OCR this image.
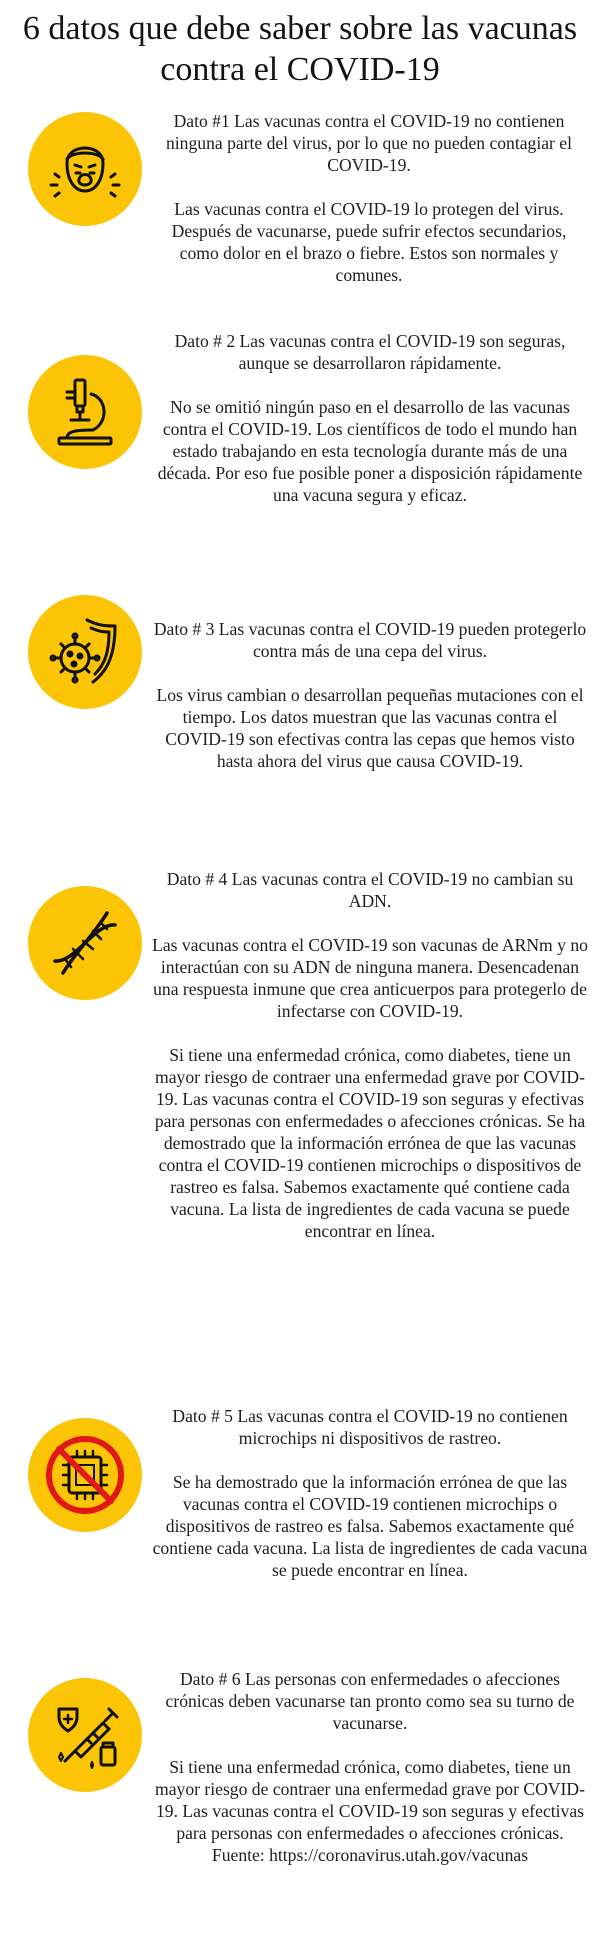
6 datos que debe saber sobre las vacunas contra el COVID-19

Dato #1 Las vacunas contra el COVID-19 no contienen ninguna parte del virus, por lo que no pueden contagiar el COVID-19.

Las vacunas contra el COVID-19 lo protegen del virus. Después de vacunarse, puede sufrir efectos secundarios, como dolor en el brazo o fiebre. Estos son normales y comunes.

Dato # 2 Las vacunas contra el COVID-19 son seguras, aunque se desarrollaron rápidamente.

No se omitió ningún paso en el desarrollo de las vacunas contra el COVID-19. Los científicos de todo el mundo han estado trabajando en esta tecnología durante más de una década. Por eso fue posible poner a disposición rápidamente una vacuna segura y eficaz.

Dato # 3 Las vacunas contra el COVID-19 pueden protegerlo contra más de una cepa del virus.

Los virus cambian o desarrollan pequeñas mutaciones con el tiempo. Los datos muestran que las vacunas contra el COVID-19 son efectivas contra las cepas que hemos visto hasta ahora del virus que causa COVID-19.

Dato # 4 Las vacunas contra el COVID-19 no cambian su ADN.

Las vacunas contra el COVID-19 son vacunas de ARNm y no interactúan con su ADN de ninguna manera. Desencadenan una respuesta inmune que crea anticuerpos para protegerlo de infectarse con COVID-19.

Si tiene una enfermedad crónica, como diabetes, tiene un mayor riesgo de contraer una enfermedad grave por COVID-19. Las vacunas contra el COVID-19 son seguras y efectivas para personas con enfermedades o afecciones crónicas. Se ha demostrado que la información errónea de que las vacunas contra el COVID-19 contienen microchips o dispositivos de rastreo es falsa. Sabemos exactamente qué contiene cada vacuna. La lista de ingredientes de cada vacuna se puede encontrar en línea.

Dato # 5 Las vacunas contra el COVID-19 no contienen microchips ni dispositivos de rastreo.

Se ha demostrado que la información errónea de que las vacunas contra el COVID-19 contienen microchips o dispositivos de rastreo es falsa. Sabemos exactamente qué contiene cada vacuna. La lista de ingredientes de cada vacuna se puede encontrar en línea.

Dato # 6 Las personas con enfermedades o afecciones crónicas deben vacunarse tan pronto como sea su turno de vacunarse.

Si tiene una enfermedad crónica, como diabetes, tiene un mayor riesgo de contraer una enfermedad grave por COVID-19. Las vacunas contra el COVID-19 son seguras y efectivas para personas con enfermedades o afecciones crónicas.

Fuente: https://coronavirus.utah.gov/vacunas
